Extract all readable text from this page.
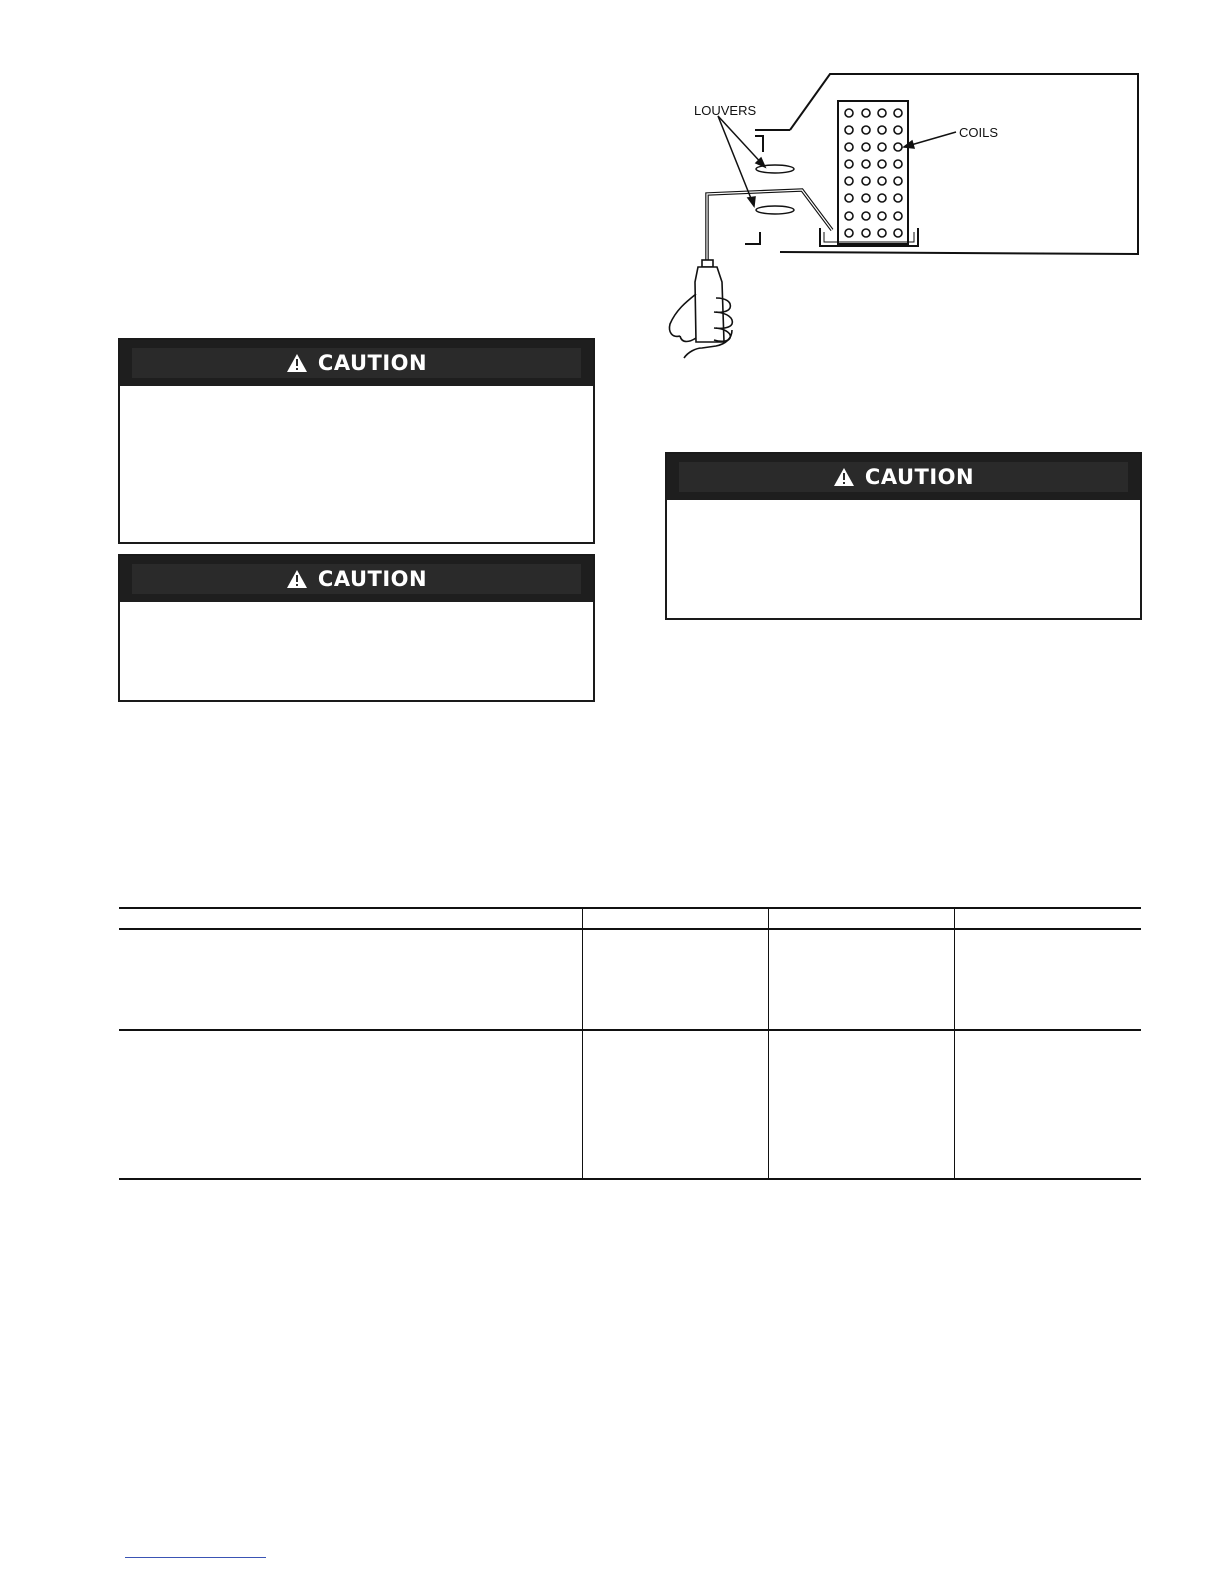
CAUTION
CAUTION
CAUTION
LOUVERS
COILS
